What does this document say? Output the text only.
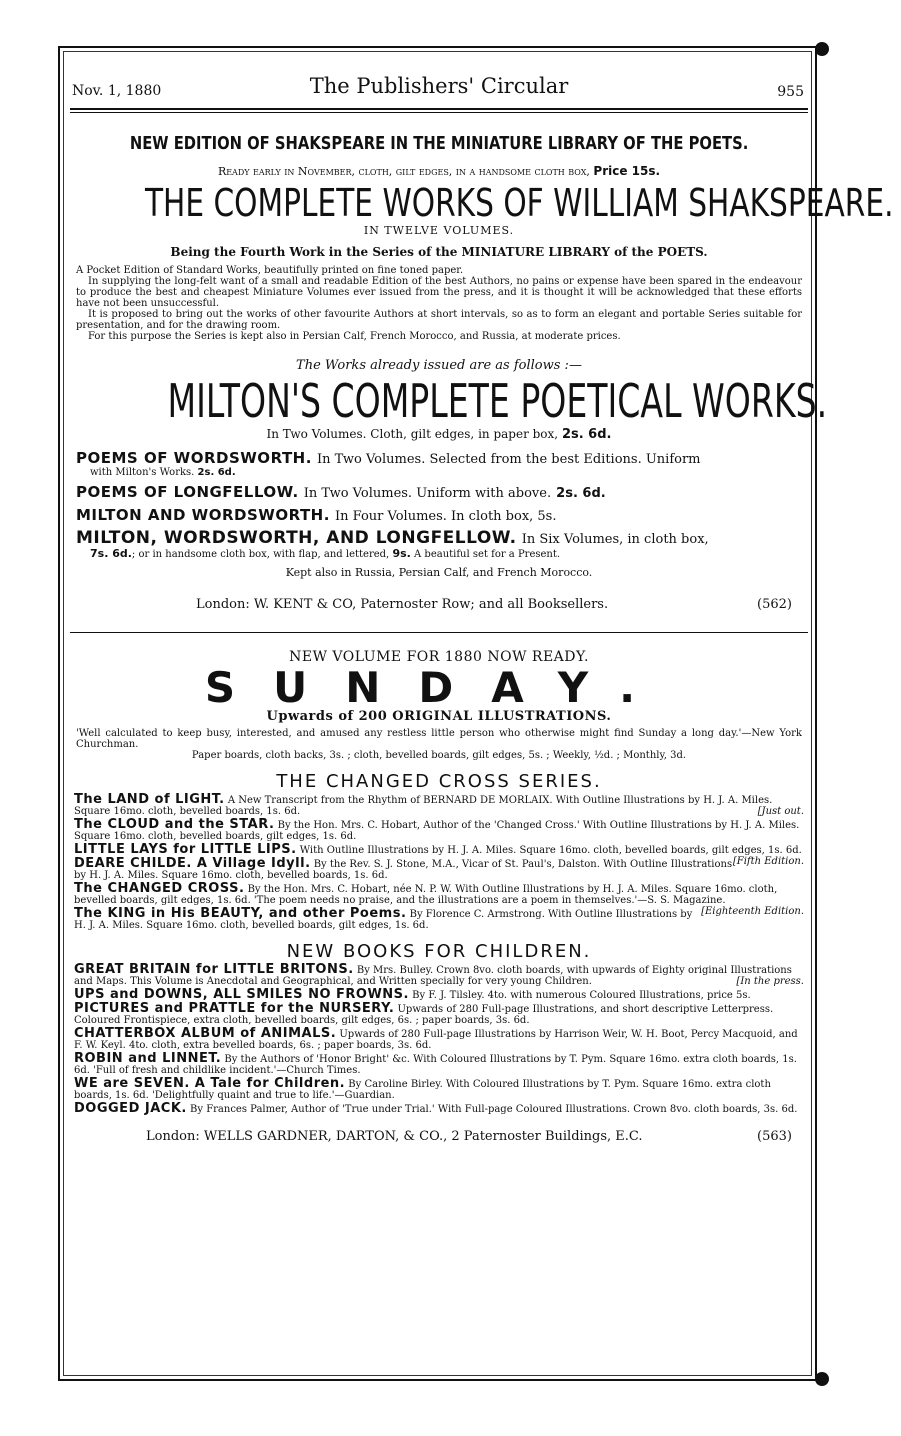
Nov. 1, 1880	The Publishers' Circular	955
NEW EDITION OF SHAKSPEARE IN THE MINIATURE LIBRARY OF THE POETS.
Ready early in November, cloth, gilt edges, in a handsome cloth box, Price 15s.
THE COMPLETE WORKS OF WILLIAM SHAKSPEARE.
IN TWELVE VOLUMES.
Being the Fourth Work in the Series of the MINIATURE LIBRARY of the POETS.
A Pocket Edition of Standard Works, beautifully printed on fine toned paper.
In supplying the long-felt want of a small and readable Edition of the best Authors, no pains or expense have been spared in the endeavour to produce the best and cheapest Miniature Volumes ever issued from the press, and it is thought it will be acknowledged that these efforts have not been unsuccessful.
It is proposed to bring out the works of other favourite Authors at short intervals, so as to form an elegant and portable Series suitable for presentation, and for the drawing room.
For this purpose the Series is kept also in Persian Calf, French Morocco, and Russia, at moderate prices.
The Works already issued are as follows :—
MILTON'S COMPLETE POETICAL WORKS.
In Two Volumes. Cloth, gilt edges, in paper box, 2s. 6d.
POEMS OF WORDSWORTH. In Two Volumes. Selected from the best Editions. Uniform
with Milton's Works. 2s. 6d.
POEMS OF LONGFELLOW. In Two Volumes. Uniform with above. 2s. 6d.
MILTON AND WORDSWORTH. In Four Volumes. In cloth box, 5s.
MILTON, WORDSWORTH, AND LONGFELLOW. In Six Volumes, in cloth box,
7s. 6d.; or in handsome cloth box, with flap, and lettered, 9s. A beautiful set for a Present.
Kept also in Russia, Persian Calf, and French Morocco.
London: W. KENT & CO, Paternoster Row; and all Booksellers.	(562)
NEW VOLUME FOR 1880 NOW READY.
SUNDAY.
Upwards of 200 ORIGINAL ILLUSTRATIONS.
'Well calculated to keep busy, interested, and amused any restless little person who otherwise might find Sunday a long day.'—New York Churchman.
Paper boards, cloth backs, 3s. ; cloth, bevelled boards, gilt edges, 5s. ; Weekly, ½d. ; Monthly, 3d.
THE CHANGED CROSS SERIES.
The LAND of LIGHT. A New Transcript from the Rhythm of BERNARD DE MORLAIX. With Outline Illustrations by H. J. A. Miles. Square 16mo. cloth, bevelled boards, 1s. 6d.	[Just out.
The CLOUD and the STAR. By the Hon. Mrs. C. Hobart, Author of the 'Changed Cross.' With Outline Illustrations by H. J. A. Miles. Square 16mo. cloth, bevelled boards, gilt edges, 1s. 6d.
LITTLE LAYS for LITTLE LIPS. With Outline Illustrations by H. J. A. Miles. Square 16mo. cloth, bevelled boards, gilt edges, 1s. 6d.
[Fifth Edition.
DEARE CHILDE. A Village Idyll. By the Rev. S. J. Stone, M.A., Vicar of St. Paul's, Dalston. With Outline Illustrations by H. J. A. Miles. Square 16mo. cloth, bevelled boards, 1s. 6d.
The CHANGED CROSS. By the Hon. Mrs. C. Hobart, née N. P. W. With Outline Illustrations by H. J. A. Miles. Square 16mo. cloth, bevelled boards, gilt edges, 1s. 6d. 'The poem needs no praise, and the illustrations are a poem in themselves.'—S. S. Magazine.
[Eighteenth Edition.
The KING in His BEAUTY, and other Poems. By Florence C. Armstrong. With Outline Illustrations by H. J. A. Miles. Square 16mo. cloth, bevelled boards, gilt edges, 1s. 6d.
NEW BOOKS FOR CHILDREN.
GREAT BRITAIN for LITTLE BRITONS. By Mrs. Bulley. Crown 8vo. cloth boards, with upwards of Eighty original Illustrations and Maps. This Volume is Anecdotal and Geographical, and Written specially for very young Children.	[In the press.
UPS and DOWNS, ALL SMILES NO FROWNS. By F. J. Tilsley. 4to. with numerous Coloured Illustrations, price 5s.
PICTURES and PRATTLE for the NURSERY. Upwards of 280 Full-page Illustrations, and short descriptive Letterpress. Coloured Frontispiece, extra cloth, bevelled boards, gilt edges, 6s. ; paper boards, 3s. 6d.
CHATTERBOX ALBUM of ANIMALS. Upwards of 280 Full-page Illustrations by Harrison Weir, W. H. Boot, Percy Macquoid, and F. W. Keyl. 4to. cloth, extra bevelled boards, 6s. ; paper boards, 3s. 6d.
ROBIN and LINNET. By the Authors of 'Honor Bright' &c. With Coloured Illustrations by T. Pym. Square 16mo. extra cloth boards, 1s. 6d. 'Full of fresh and childlike incident.'—Church Times.
WE are SEVEN. A Tale for Children. By Caroline Birley. With Coloured Illustrations by T. Pym. Square 16mo. extra cloth boards, 1s. 6d. 'Delightfully quaint and true to life.'—Guardian.
DOGGED JACK. By Frances Palmer, Author of 'True under Trial.' With Full-page Coloured Illustrations. Crown 8vo. cloth boards, 3s. 6d.
London: WELLS GARDNER, DARTON, & CO., 2 Paternoster Buildings, E.C.	(563)
